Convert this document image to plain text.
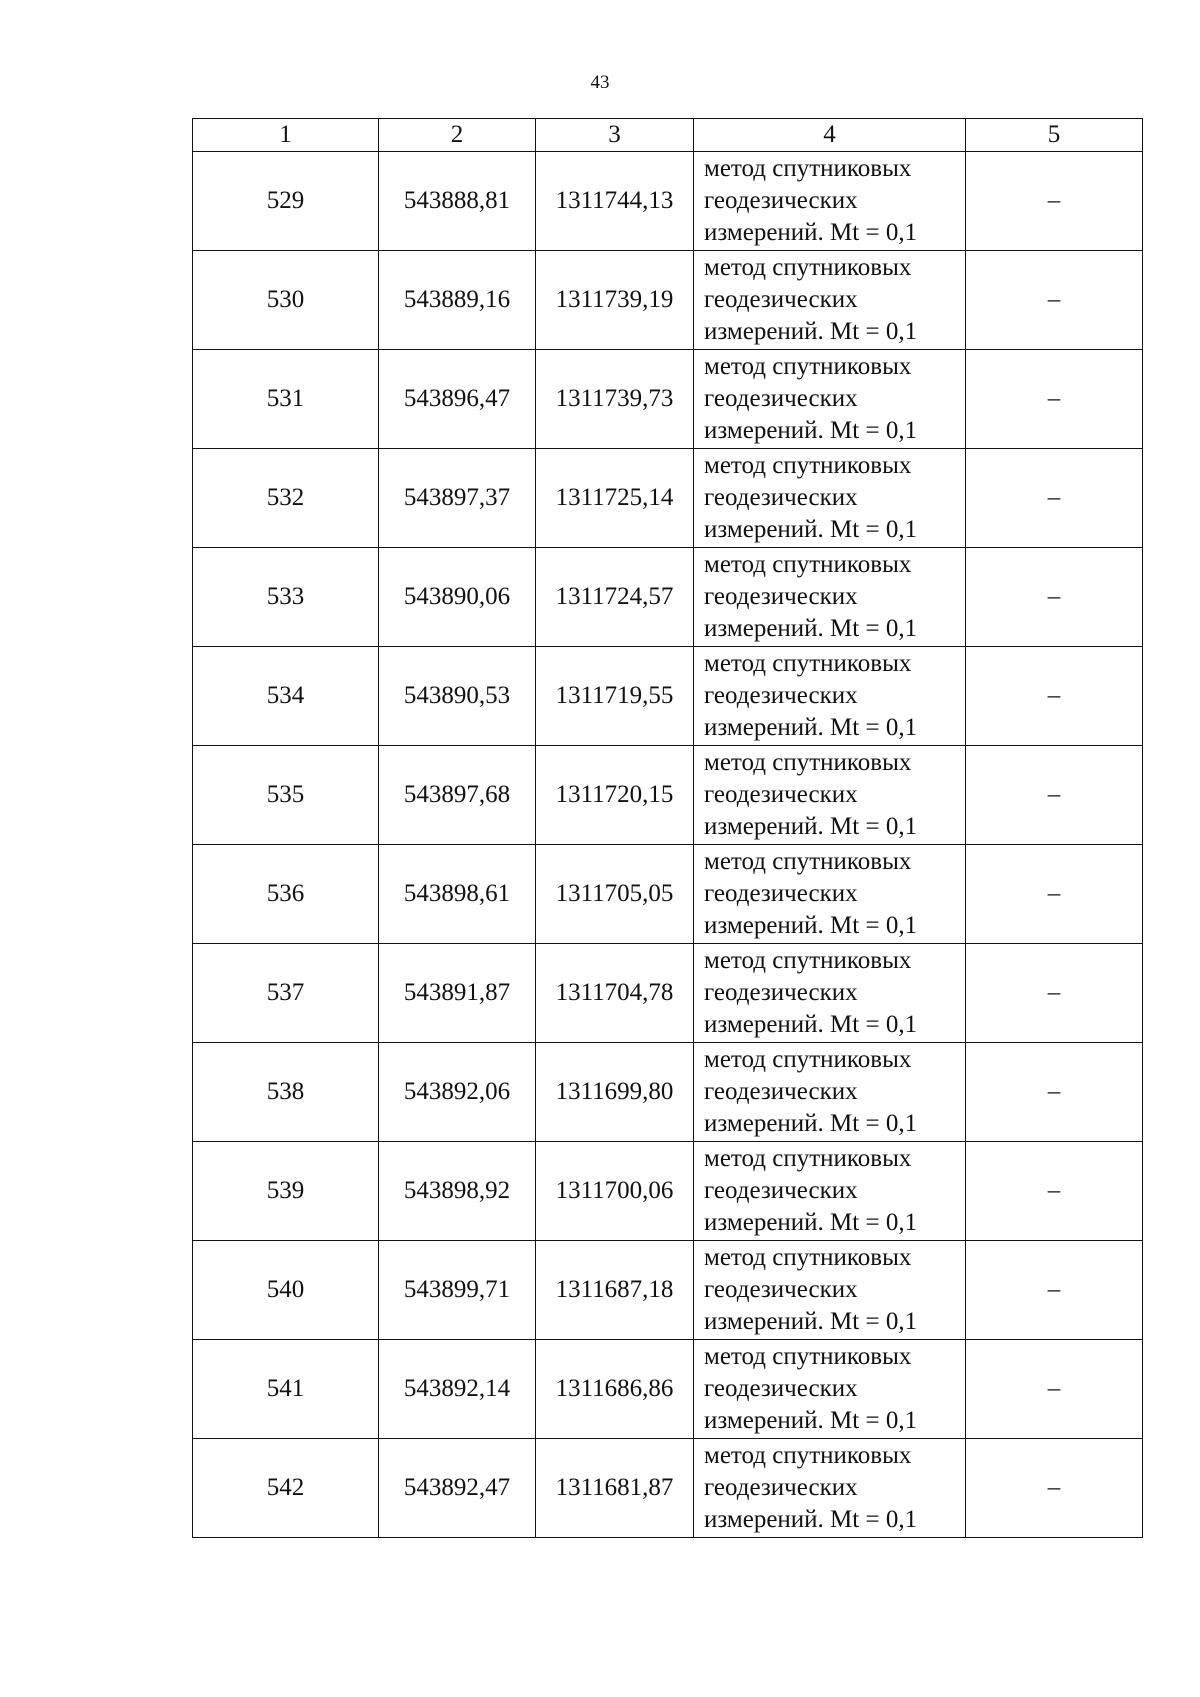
43
1	2	3	4	5
529	543888,81	1311744,13	метод спутниковых
геодезических
измерений. Mt = 0,1	–
530	543889,16	1311739,19	метод спутниковых
геодезических
измерений. Mt = 0,1	–
531	543896,47	1311739,73	метод спутниковых
геодезических
измерений. Mt = 0,1	–
532	543897,37	1311725,14	метод спутниковых
геодезических
измерений. Mt = 0,1	–
533	543890,06	1311724,57	метод спутниковых
геодезических
измерений. Mt = 0,1	–
534	543890,53	1311719,55	метод спутниковых
геодезических
измерений. Mt = 0,1	–
535	543897,68	1311720,15	метод спутниковых
геодезических
измерений. Mt = 0,1	–
536	543898,61	1311705,05	метод спутниковых
геодезических
измерений. Mt = 0,1	–
537	543891,87	1311704,78	метод спутниковых
геодезических
измерений. Mt = 0,1	–
538	543892,06	1311699,80	метод спутниковых
геодезических
измерений. Mt = 0,1	–
539	543898,92	1311700,06	метод спутниковых
геодезических
измерений. Mt = 0,1	–
540	543899,71	1311687,18	метод спутниковых
геодезических
измерений. Mt = 0,1	–
541	543892,14	1311686,86	метод спутниковых
геодезических
измерений. Mt = 0,1	–
542	543892,47	1311681,87	метод спутниковых
геодезических
измерений. Mt = 0,1	–
